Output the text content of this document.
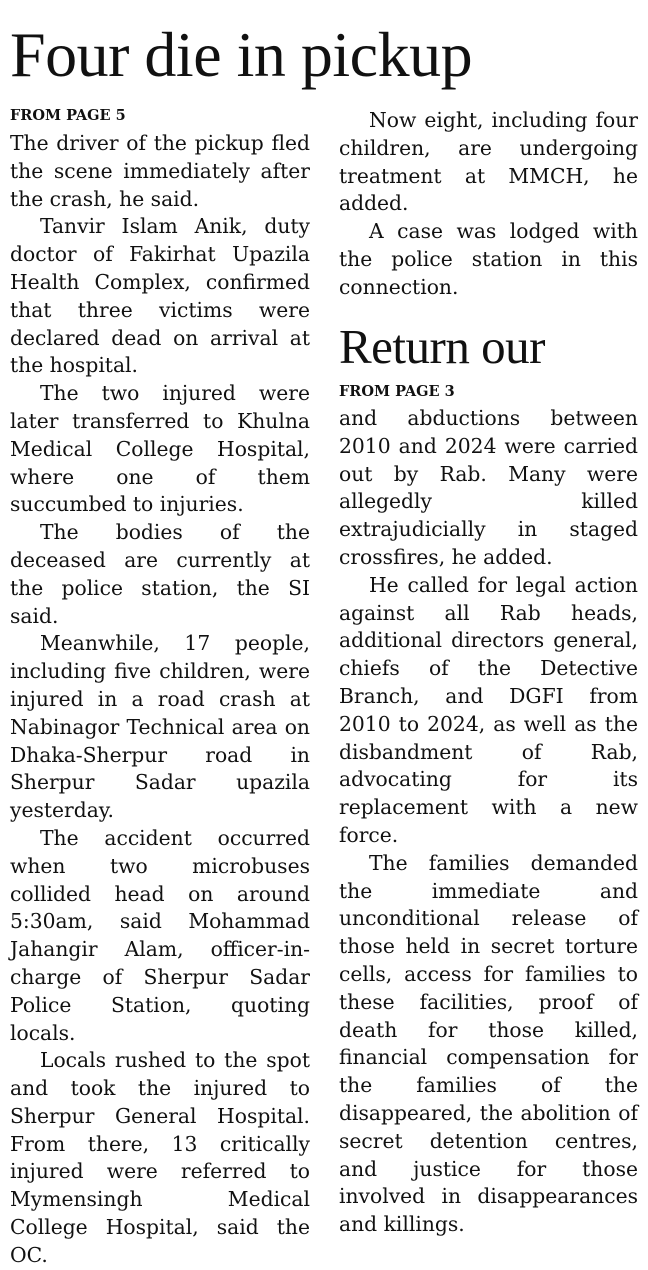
Four die in pickup
FROM PAGE 5

The driver of the pickup fled the scene immediately after the crash, he said.

Tanvir Islam Anik, duty doctor of Fakirhat Upazila Health Complex, confirmed that three victims were declared dead on arrival at the hospital.

The two injured were later transferred to Khulna Medical College Hospital, where one of them succumbed to injuries.

The bodies of the deceased are currently at the police station, the SI said.

Meanwhile, 17 people, including five children, were injured in a road crash at Nabinagor Technical area on Dhaka-Sherpur road in Sherpur Sadar upazila yesterday.

The accident occurred when two microbuses collided head on around 5:30am, said Mohammad Jahangir Alam, officer-in-charge of Sherpur Sadar Police Station, quoting locals.

Locals rushed to the spot and took the injured to Sherpur General Hospital. From there, 13 critically injured were referred to Mymensingh Medical College Hospital, said the OC.

Now eight, including four children, are undergoing treatment at MMCH, he added.

A case was lodged with the police station in this connection.

Return our
FROM PAGE 3

and abductions between 2010 and 2024 were carried out by Rab. Many were allegedly killed extrajudicially in staged crossfires, he added.

He called for legal action against all Rab heads, additional directors general, chiefs of the Detective Branch, and DGFI from 2010 to 2024, as well as the disbandment of Rab, advocating for its replacement with a new force.

The families demanded the immediate and unconditional release of those held in secret torture cells, access for families to these facilities, proof of death for those killed, financial compensation for the families of the disappeared, the abolition of secret detention centres, and justice for those involved in disappearances and killings.
